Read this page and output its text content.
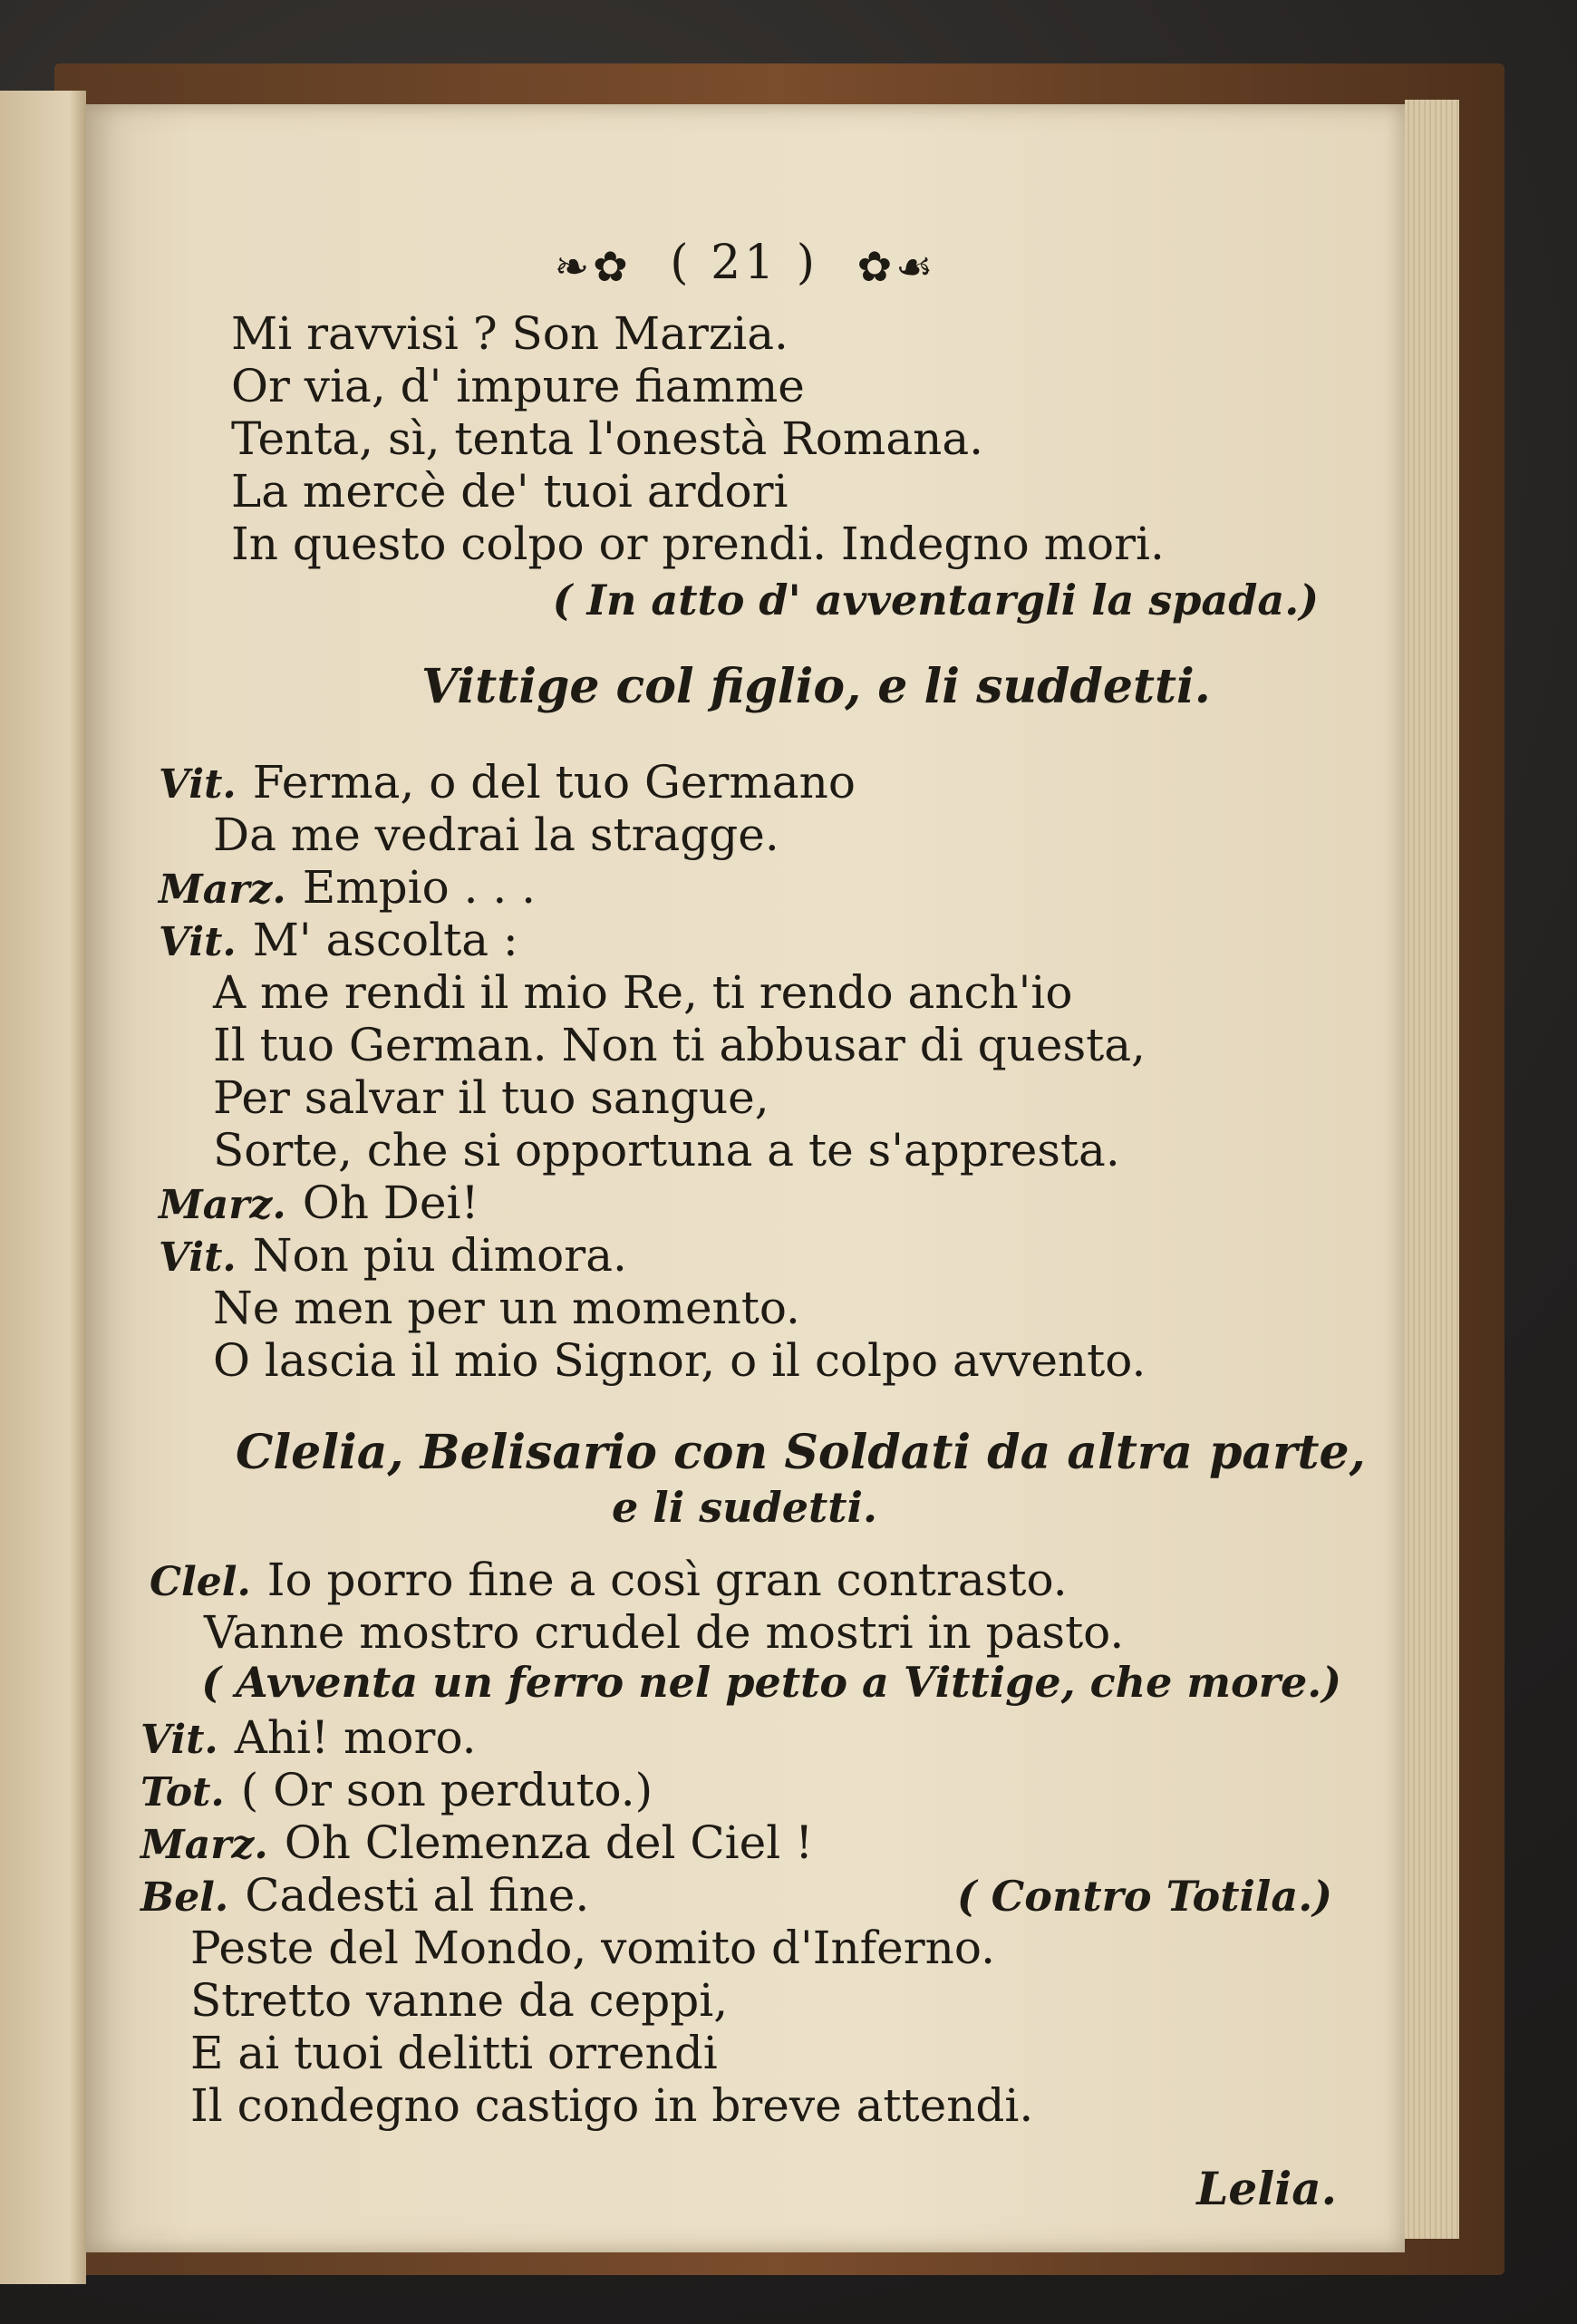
❧✿ ( 21 ) ✿☙
Mi ravvisi ? Son Marzia.
Or via, d' impure fiamme
Tenta, sì, tenta l'onestà Romana.
La mercè de' tuoi ardori
In questo colpo or prendi. Indegno mori.
( In atto d' avventargli la spada.)
Vittige col figlio, e li suddetti.
Vit. Ferma, o del tuo Germano
Da me vedrai la stragge.
Marz. Empio . . .
Vit. M' ascolta :
A me rendi il mio Re, ti rendo anch'io
Il tuo German. Non ti abbusar di questa,
Per salvar il tuo sangue,
Sorte, che si opportuna a te s'appresta.
Marz. Oh Dei!
Vit. Non piu dimora.
Ne men per un momento.
O lascia il mio Signor, o il colpo avvento.
Clelia, Belisario con Soldati da altra parte,
e li sudetti.
Clel. Io porro fine a così gran contrasto.
Vanne mostro crudel de mostri in pasto.
( Avventa un ferro nel petto a Vittige, che more.)
Vit. Ahi! moro.
Tot. ( Or son perduto.)
Marz. Oh Clemenza del Ciel !
Bel. Cadesti al fine.	( Contro Totila.)
Peste del Mondo, vomito d'Inferno.
Stretto vanne da ceppi,
E ai tuoi delitti orrendi
Il condegno castigo in breve attendi.
Lelia.
